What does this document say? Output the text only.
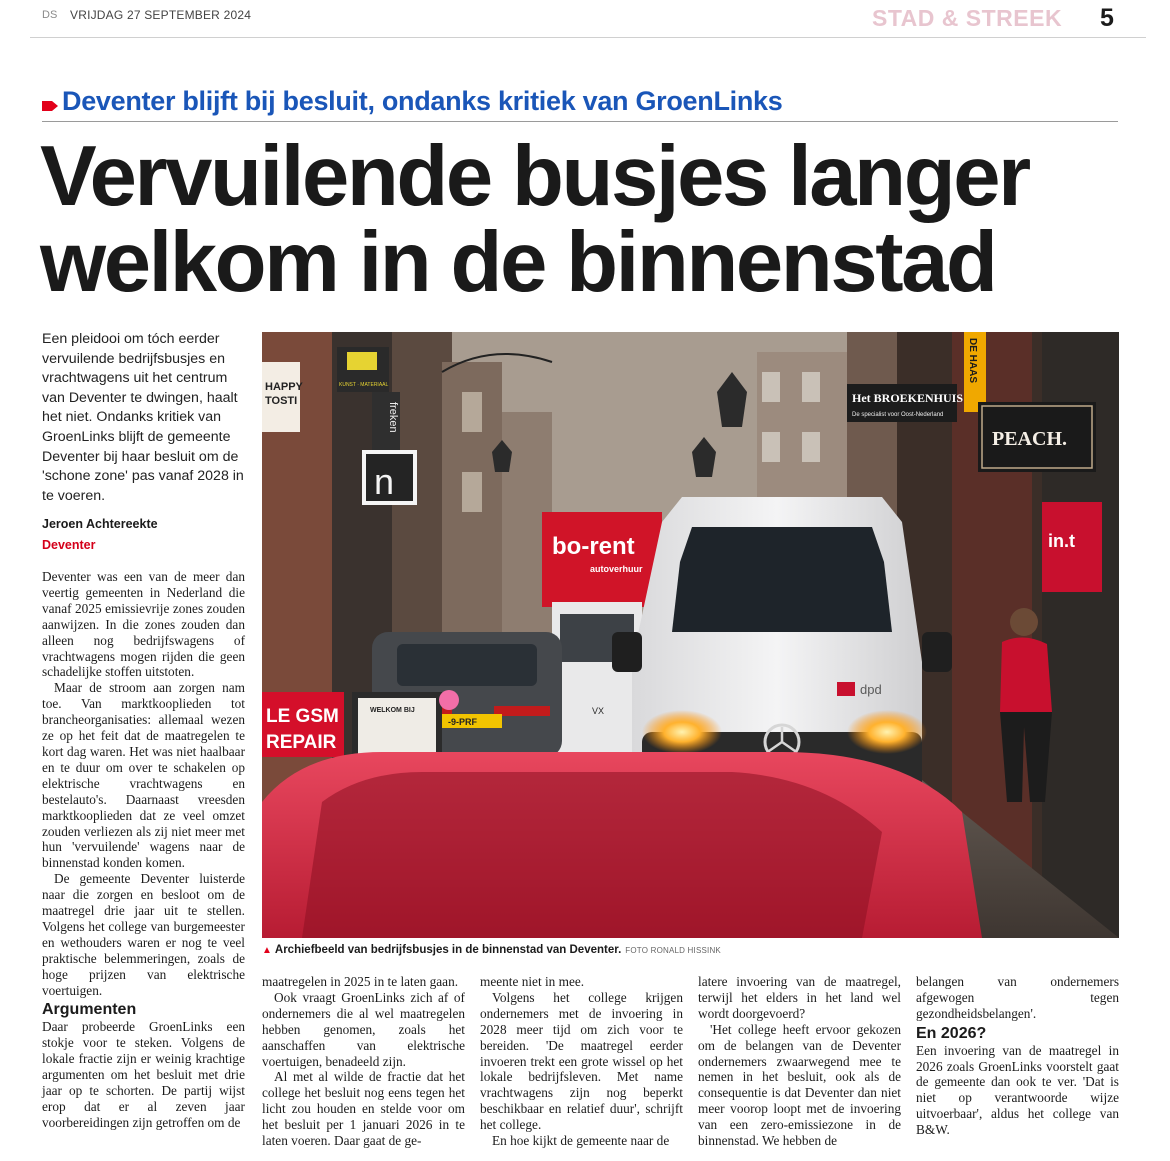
DS VRIJDAG 27 SEPTEMBER 2024	STAD & STREEK 5
Deventer blijft bij besluit, ondanks kritiek van GroenLinks
Vervuilende busjes langer
welkom in de binnenstad
Een pleidooi om tóch eerder vervuilende bedrijfsbusjes en vrachtwagens uit het centrum van Deventer te dwingen, haalt het niet. Ondanks kritiek van GroenLinks blijft de gemeente Deventer bij haar besluit om de 'schone zone' pas vanaf 2028 in te voeren.
Jeroen Achtereekte
Deventer

Deventer was een van de meer dan veertig gemeenten in Nederland die vanaf 2025 emissievrije zones zouden aanwijzen. In die zones zouden dan alleen nog bedrijfswagens of vrachtwagens mogen rijden die geen schadelijke stoffen uitstoten.

Maar de stroom aan zorgen nam toe. Van marktkooplieden tot brancheorganisaties: allemaal wezen ze op het feit dat de maatregelen te kort dag waren. Het was niet haalbaar en te duur om over te schakelen op elektrische vrachtwagens en bestelauto's. Daarnaast vreesden marktkooplieden dat ze veel omzet zouden verliezen als zij niet meer met hun 'vervuilende' wagens naar de binnenstad konden komen.

De gemeente Deventer luisterde naar die zorgen en besloot om de maatregel drie jaar uit te stellen. Volgens het college van burgemeester en wethouders waren er nog te veel praktische belemmeringen, zoals de hoge prijzen van elektrische voertuigen.

Argumenten

Daar probeerde GroenLinks een stokje voor te steken. Volgens de lokale fractie zijn er weinig krachtige argumenten om het besluit met drie jaar op te schorten. De partij wijst erop dat er al zeven jaar voorbereidingen zijn getroffen om de

HAPPY
TOSTI
KUNST · MATERIAAL
freken
n
bo-rent
autoverhuur
VX
-9-PRF
LE GSM
REPAIR
WELKOM BIJ
Het BROEKENHUIS
De specialist voor Oost-Nederland
DE HAAS
PEACH.
in.t
dpd
▲ Archiefbeeld van bedrijfsbusjes in de binnenstad van Deventer. FOTO RONALD HISSINK

maatregelen in 2025 in te laten gaan.

Ook vraagt GroenLinks zich af of ondernemers die al wel maatregelen hebben genomen, zoals het aanschaffen van elektrische voertuigen, benadeeld zijn.

Al met al wilde de fractie dat het college het besluit nog eens tegen het licht zou houden en stelde voor om het besluit per 1 januari 2026 in te laten voeren. Daar gaat de ge-

meente niet in mee.

Volgens het college krijgen ondernemers met de invoering in 2028 meer tijd om zich voor te bereiden. 'De maatregel eerder invoeren trekt een grote wissel op het lokale bedrijfsleven. Met name vrachtwagens zijn nog beperkt beschikbaar en relatief duur', schrijft het college.

En hoe kijkt de gemeente naar de

latere invoering van de maatregel, terwijl het elders in het land wel wordt doorgevoerd?

'Het college heeft ervoor gekozen om de belangen van de Deventer ondernemers zwaarwegend mee te nemen in het besluit, ook als de consequentie is dat Deventer dan niet meer voorop loopt met de invoering van een zero-emissiezone in de binnenstad. We hebben de

belangen van ondernemers afgewogen tegen gezondheidsbelangen'.

En 2026?

Een invoering van de maatregel in 2026 zoals GroenLinks voorstelt gaat de gemeente dan ook te ver. 'Dat is niet op verantwoorde wijze uitvoerbaar', aldus het college van B&W.
